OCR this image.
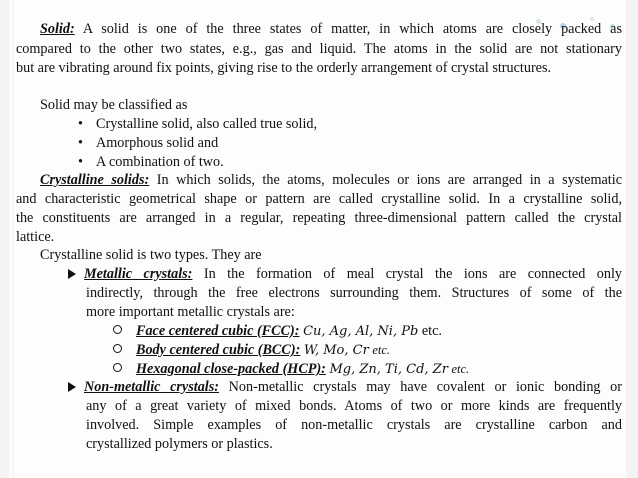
Solid: A solid is one of the three states of matter, in which atoms are closely packed as
compared to the other two states, e.g., gas and liquid. The atoms in the solid are not stationary
but are vibrating around fix points, giving rise to the orderly arrangement of crystal structures.
Solid may be classified as
• Crystalline solid, also called true solid,
• Amorphous solid and
• A combination of two.
Crystalline solids: In which solids, the atoms, molecules or ions are arranged in a systematic
and characteristic geometrical shape or pattern are called crystalline solid. In a crystalline solid,
the constituents are arranged in a regular, repeating three-dimensional pattern called the crystal
lattice.
Crystalline solid is two types. They are
Metallic crystals: In the formation of meal crystal the ions are connected only
indirectly, through the free electrons surrounding them. Structures of some of the
more important metallic crystals are:
Face centered cubic (FCC): Cu, Ag, Al, Ni, Pb etc.
Body centered cubic (BCC): W, Mo, Cr etc.
Hexagonal close-packed (HCP): Mg, Zn, Ti, Cd, Zr etc.
Non-metallic crystals: Non-metallic crystals may have covalent or ionic bonding or
any of a great variety of mixed bonds. Atoms of two or more kinds are frequently
involved. Simple examples of non-metallic crystals are crystalline carbon and
crystallized polymers or plastics.
